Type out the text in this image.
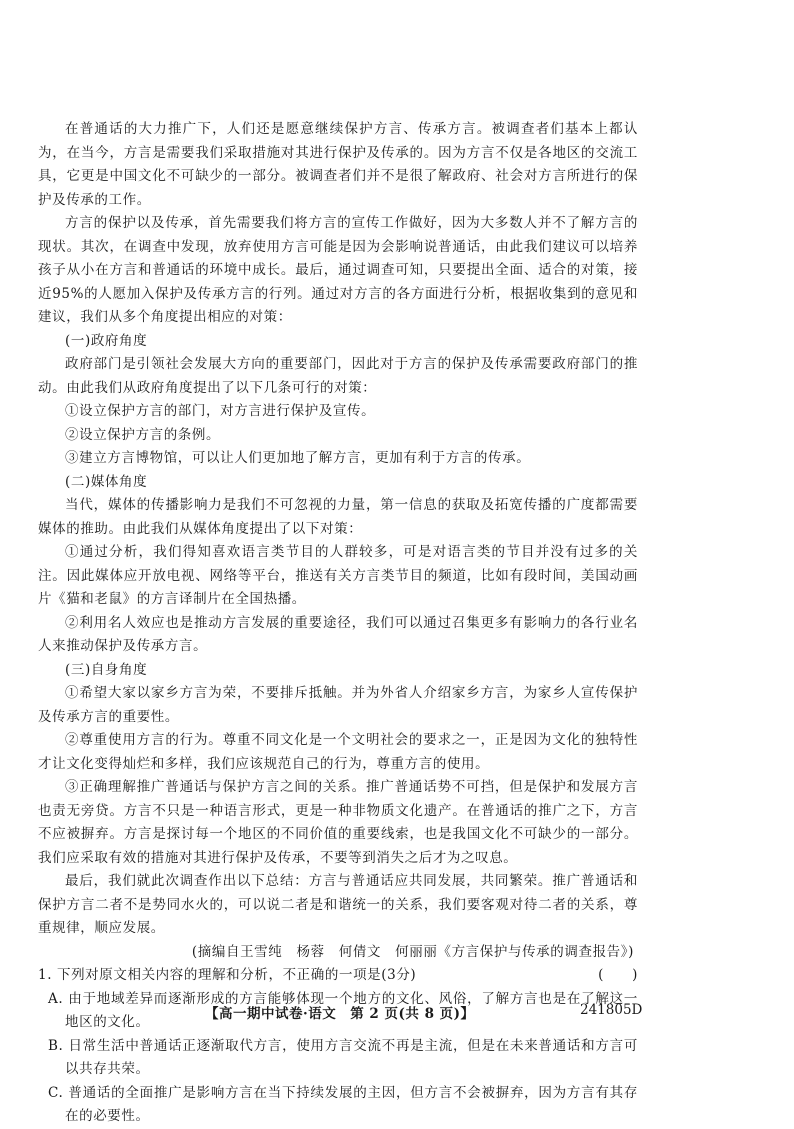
在普通话的大力推广下，人们还是愿意继续保护方言、传承方言。被调查者们基本上都认为，在当今，方言是需要我们采取措施对其进行保护及传承的。因为方言不仅是各地区的交流工具，它更是中国文化不可缺少的一部分。被调查者们并不是很了解政府、社会对方言所进行的保护及传承的工作。

方言的保护以及传承，首先需要我们将方言的宣传工作做好，因为大多数人并不了解方言的现状。其次，在调查中发现，放弃使用方言可能是因为会影响说普通话，由此我们建议可以培养孩子从小在方言和普通话的环境中成长。最后，通过调查可知，只要提出全面、适合的对策，接近95%的人愿加入保护及传承方言的行列。通过对方言的各方面进行分析，根据收集到的意见和建议，我们从多个角度提出相应的对策：

(一)政府角度

政府部门是引领社会发展大方向的重要部门，因此对于方言的保护及传承需要政府部门的推动。由此我们从政府角度提出了以下几条可行的对策：

①设立保护方言的部门，对方言进行保护及宣传。

②设立保护方言的条例。

③建立方言博物馆，可以让人们更加地了解方言，更加有利于方言的传承。

(二)媒体角度

当代，媒体的传播影响力是我们不可忽视的力量，第一信息的获取及拓宽传播的广度都需要媒体的推助。由此我们从媒体角度提出了以下对策：

①通过分析，我们得知喜欢语言类节目的人群较多，可是对语言类的节目并没有过多的关注。因此媒体应开放电视、网络等平台，推送有关方言类节目的频道，比如有段时间，美国动画片《猫和老鼠》的方言译制片在全国热播。

②利用名人效应也是推动方言发展的重要途径，我们可以通过召集更多有影响力的各行业名人来推动保护及传承方言。

(三)自身角度

①希望大家以家乡方言为荣，不要排斥抵触。并为外省人介绍家乡方言，为家乡人宣传保护及传承方言的重要性。

②尊重使用方言的行为。尊重不同文化是一个文明社会的要求之一，正是因为文化的独特性才让文化变得灿烂和多样，我们应该规范自己的行为，尊重方言的使用。

③正确理解推广普通话与保护方言之间的关系。推广普通话势不可挡，但是保护和发展方言也责无旁贷。方言不只是一种语言形式，更是一种非物质文化遗产。在普通话的推广之下，方言不应被摒弃。方言是探讨每一个地区的不同价值的重要线索，也是我国文化不可缺少的一部分。我们应采取有效的措施对其进行保护及传承，不要等到消失之后才为之叹息。

最后，我们就此次调查作出以下总结：方言与普通话应共同发展，共同繁荣。推广普通话和保护方言二者不是势同水火的，可以说二者是和谐统一的关系，我们要客观对待二者的关系，尊重规律，顺应发展。

(摘编自王雪纯　杨蓉　何倩文　何丽丽《方言保护与传承的调查报告》)

1. 下列对原文相关内容的理解和分析，不正确的一项是(3分)	(　　)

A. 由于地域差异而逐渐形成的方言能够体现一个地方的文化、风俗，了解方言也是在了解这一地区的文化。

B. 日常生活中普通话正逐渐取代方言，使用方言交流不再是主流，但是在未来普通话和方言可以共存共荣。

C. 普通话的全面推广是影响方言在当下持续发展的主因，但方言不会被摒弃，因为方言有其存在的必要性。

【高一期中试卷·语文　第 2 页(共 8 页)】	241805D
